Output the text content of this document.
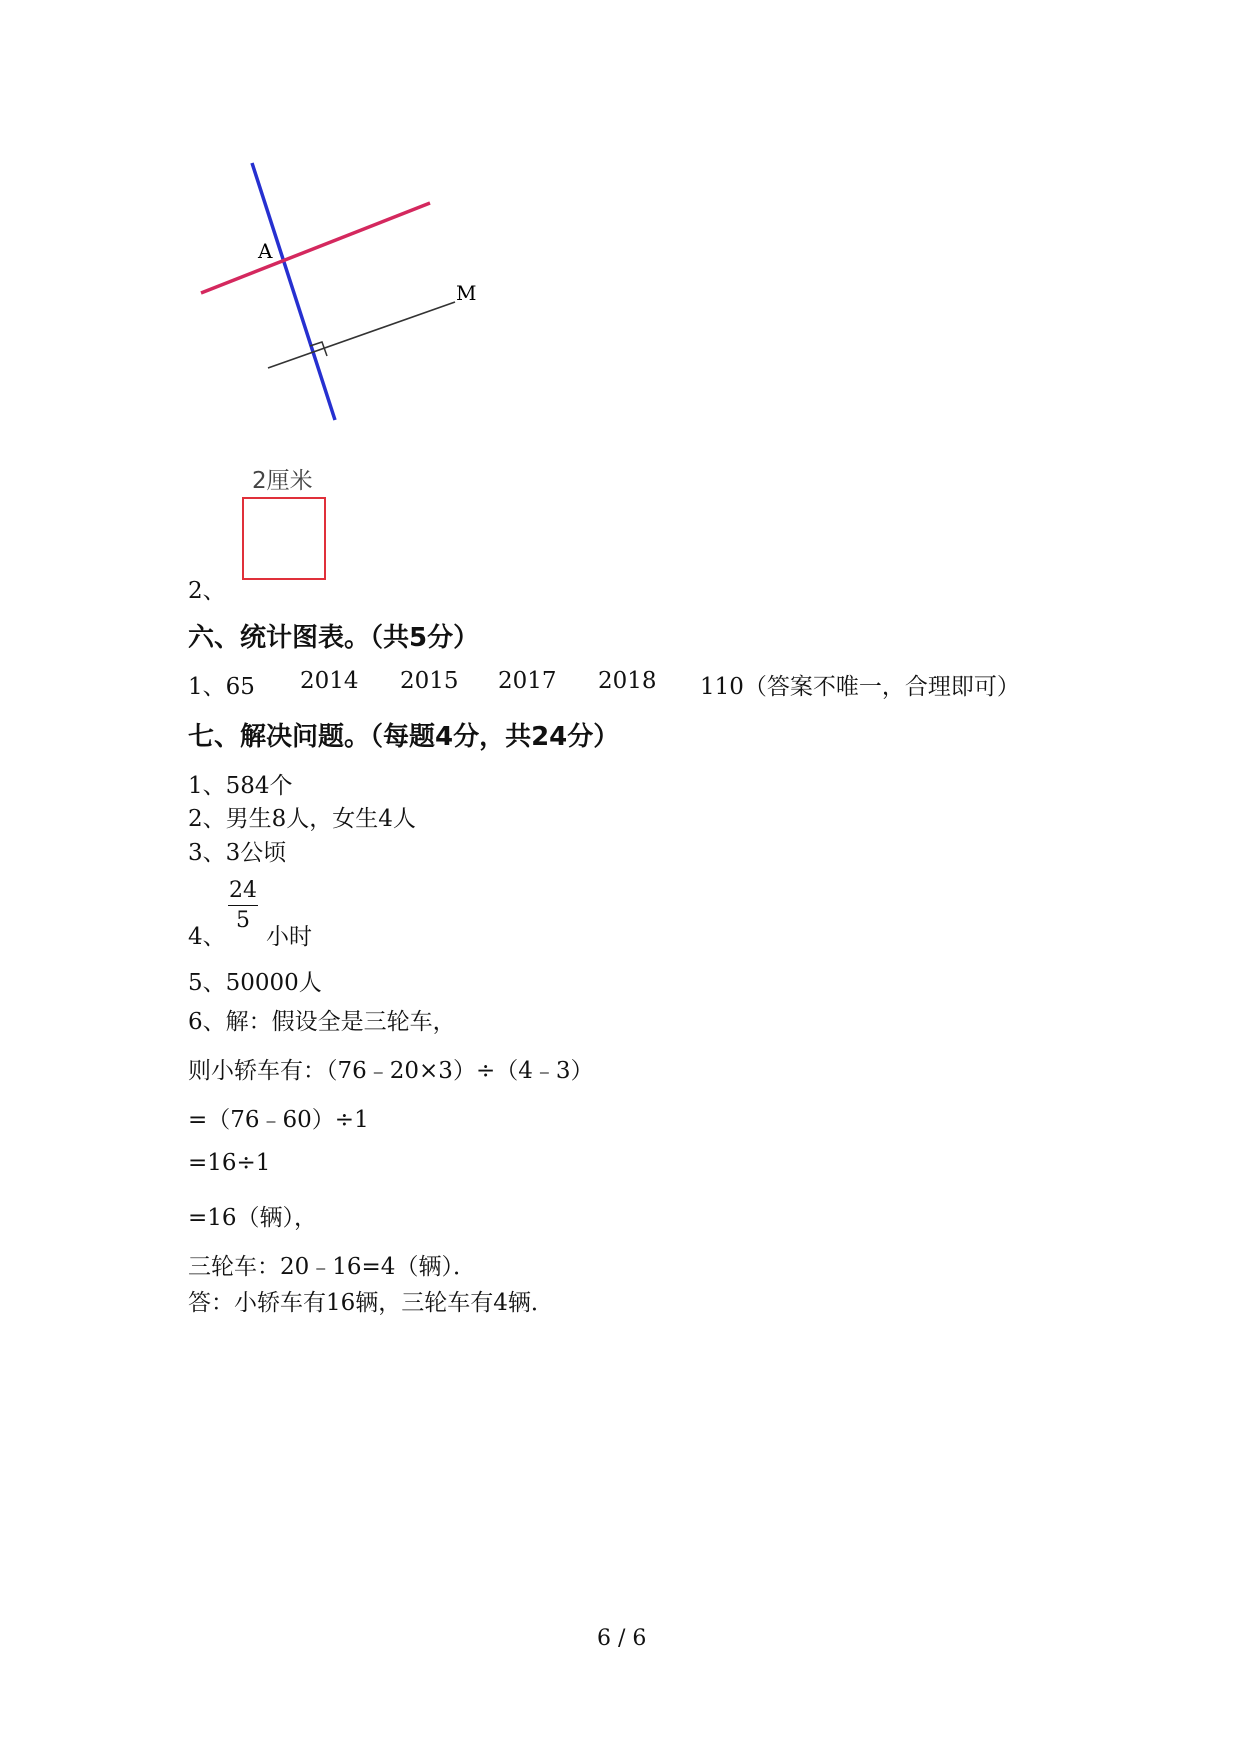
A
M
2厘米
2、
六、统计图表。（共5分）
1、65 2014 2015 2017 2018 110（答案不唯一，合理即可）
七、解决问题。（每题4分，共24分）
1、584个
2、男生8人，女生4人
3、3公顷
4、
$\frac{24}{5}$
小时
5、50000人
6、解：假设全是三轮车，
则小轿车有：（76﹣20×3）÷（4﹣3）
=（76﹣60）÷1
=16÷1
=16（辆），
三轮车：20﹣16=4（辆）．
答：小轿车有16辆，三轮车有4辆．
6 / 6
